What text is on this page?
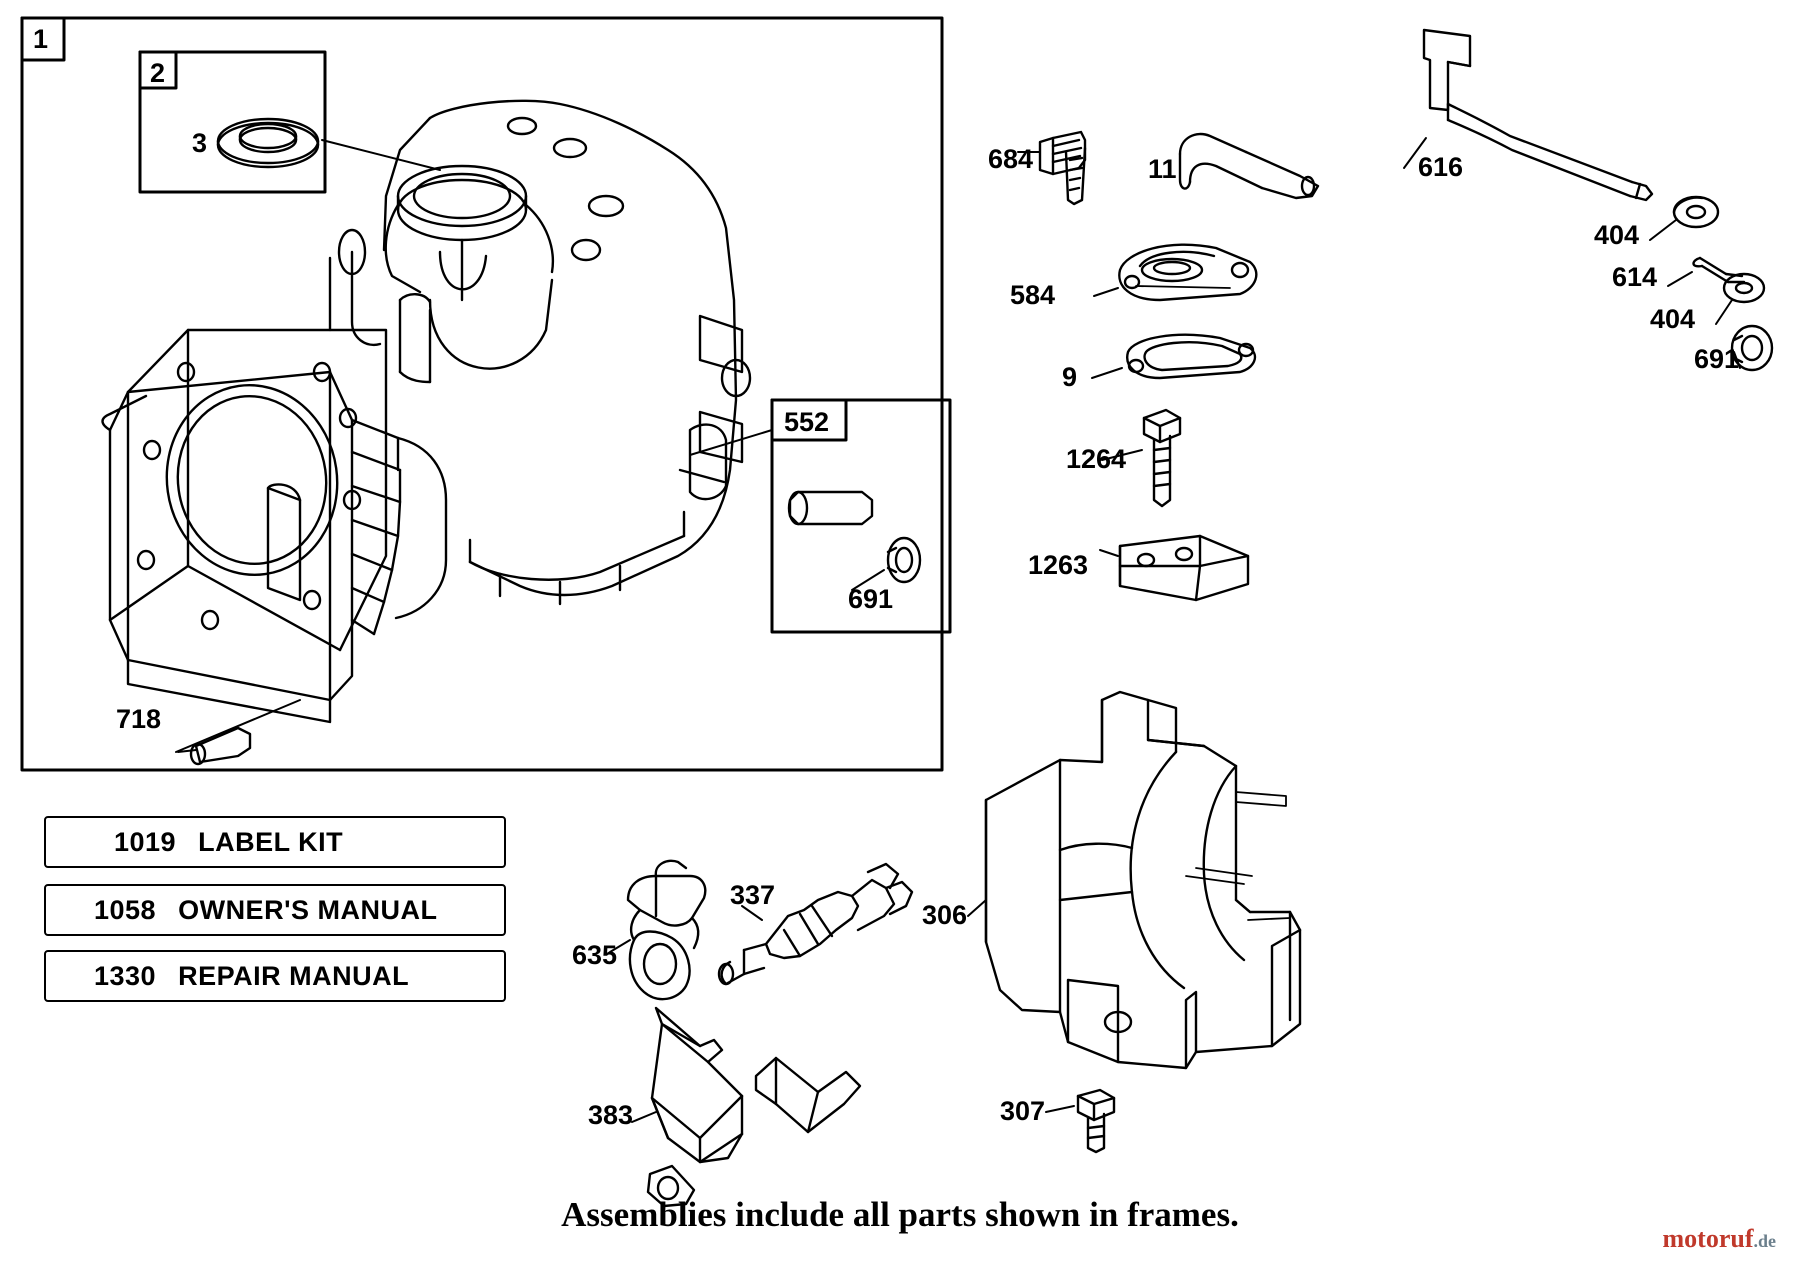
1
2
552
3
718
691
684	11
584
9
1264
1263
616
404
614
404
691
306
307
337
635
383
1019 LABEL KIT
1058 OWNER'S MANUAL
1330 REPAIR MANUAL
Assemblies include all parts shown in frames.
motoruf.de
